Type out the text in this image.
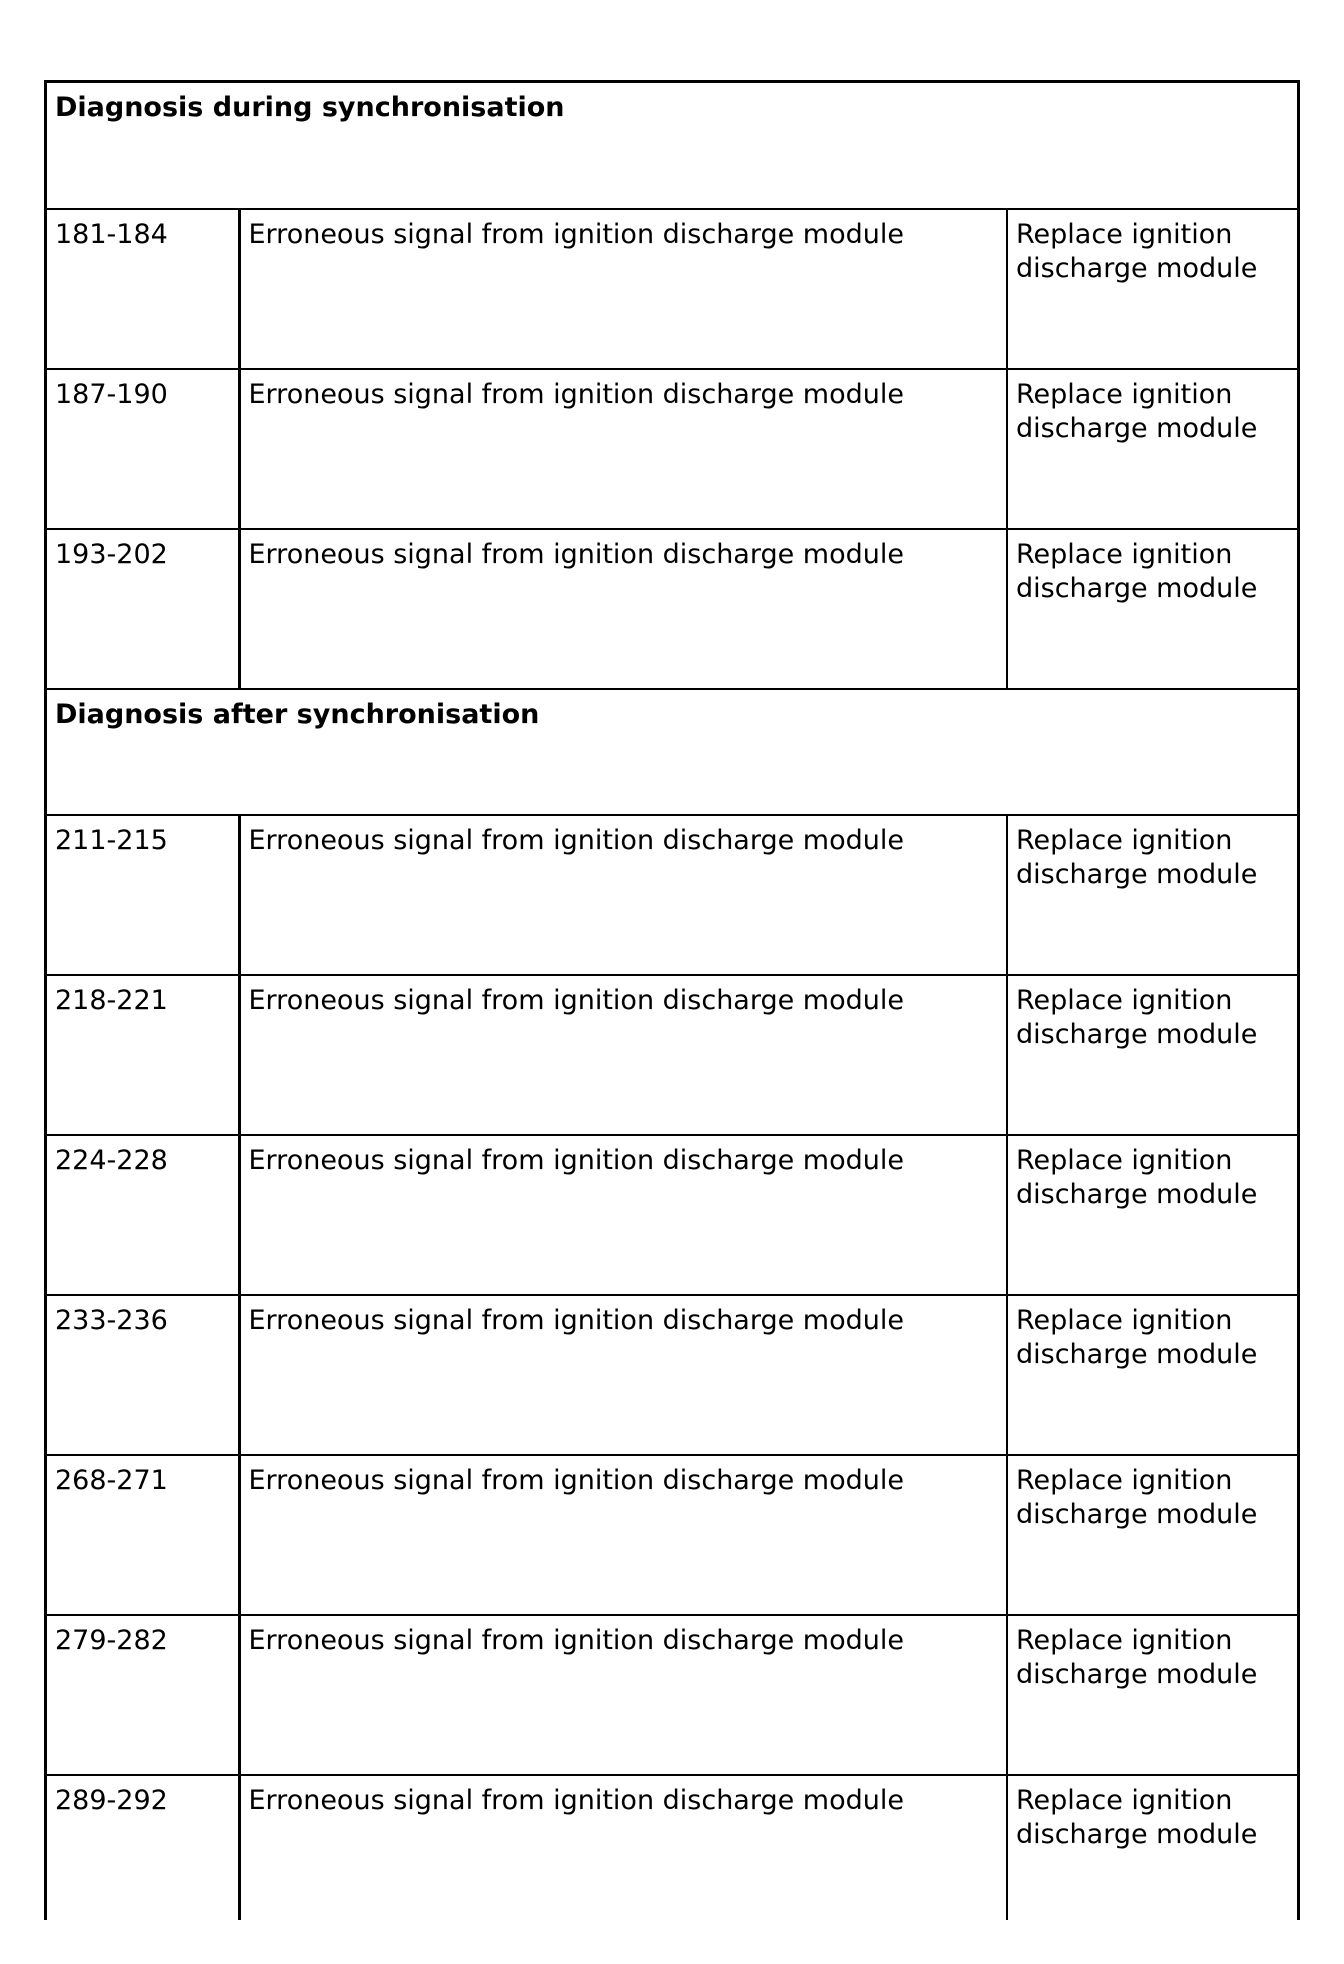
Diagnosis during synchronisation		
181-184	Erroneous signal from ignition discharge module	Replace ignition discharge module
187-190	Erroneous signal from ignition discharge module	Replace ignition discharge module
193-202	Erroneous signal from ignition discharge module	Replace ignition discharge module
Diagnosis after synchronisation		
211-215	Erroneous signal from ignition discharge module	Replace ignition discharge module
218-221	Erroneous signal from ignition discharge module	Replace ignition discharge module
224-228	Erroneous signal from ignition discharge module	Replace ignition discharge module
233-236	Erroneous signal from ignition discharge module	Replace ignition discharge module
268-271	Erroneous signal from ignition discharge module	Replace ignition discharge module
279-282	Erroneous signal from ignition discharge module	Replace ignition discharge module
289-292	Erroneous signal from ignition discharge module	Replace ignition discharge module
